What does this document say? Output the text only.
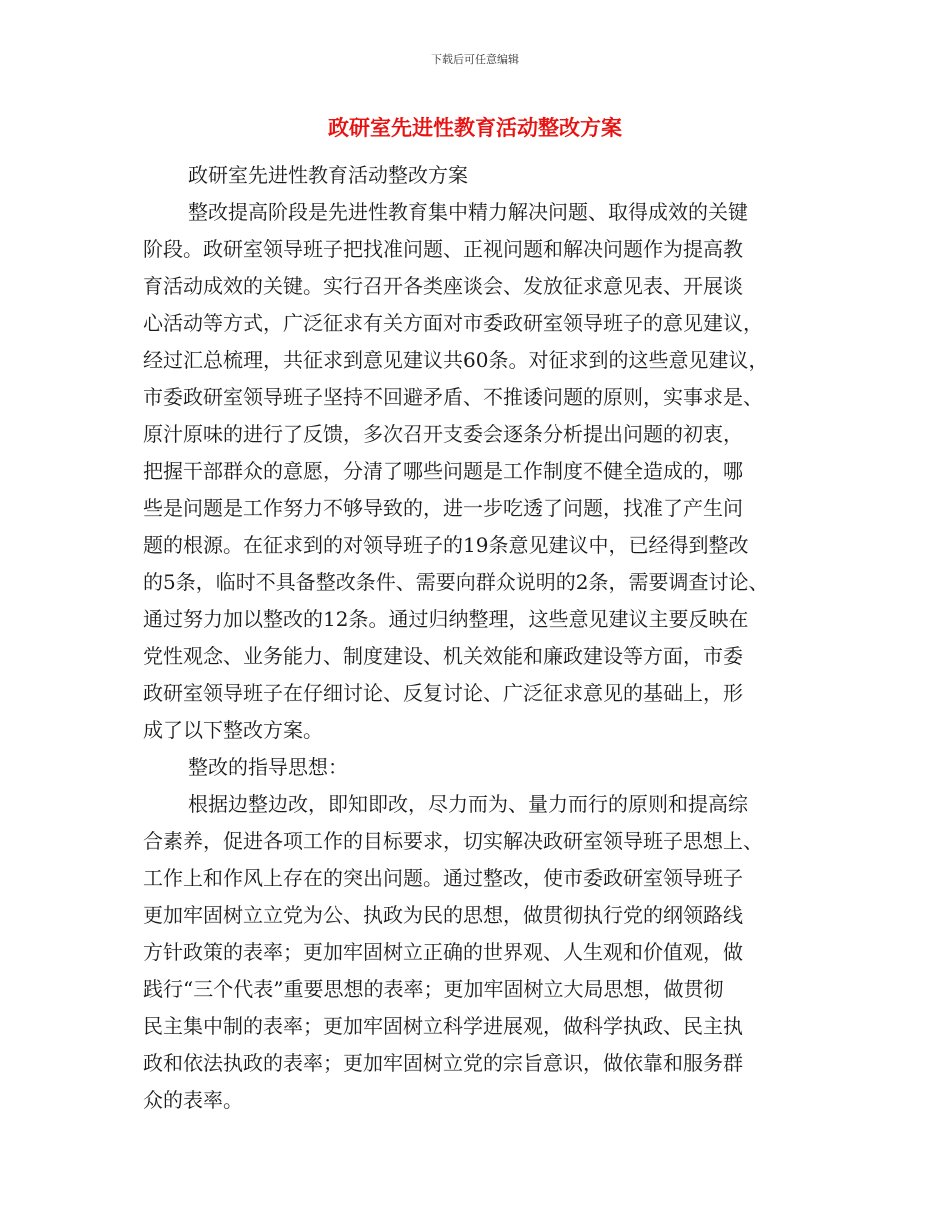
下载后可任意编辑
政研室先进性教育活动整改方案
政研室先进性教育活动整改方案
整改提高阶段是先进性教育集中精力解决问题、取得成效的关键
阶段。政研室领导班子把找准问题、正视问题和解决问题作为提高教
育活动成效的关键。实行召开各类座谈会、发放征求意见表、开展谈
心活动等方式，广泛征求有关方面对市委政研室领导班子的意见建议，
经过汇总梳理，共征求到意见建议共60条。对征求到的这些意见建议，
市委政研室领导班子坚持不回避矛盾、不推诿问题的原则，实事求是、
原汁原味的进行了反馈，多次召开支委会逐条分析提出问题的初衷，
把握干部群众的意愿，分清了哪些问题是工作制度不健全造成的，哪
些是问题是工作努力不够导致的，进一步吃透了问题，找准了产生问
题的根源。在征求到的对领导班子的19条意见建议中，已经得到整改
的5条，临时不具备整改条件、需要向群众说明的2条，需要调查讨论、
通过努力加以整改的12条。通过归纳整理，这些意见建议主要反映在
党性观念、业务能力、制度建设、机关效能和廉政建设等方面，市委
政研室领导班子在仔细讨论、反复讨论、广泛征求意见的基础上，形
成了以下整改方案。
整改的指导思想：
根据边整边改，即知即改，尽力而为、量力而行的原则和提高综
合素养，促进各项工作的目标要求，切实解决政研室领导班子思想上、
工作上和作风上存在的突出问题。通过整改，使市委政研室领导班子
更加牢固树立立党为公、执政为民的思想，做贯彻执行党的纲领路线
方针政策的表率；更加牢固树立正确的世界观、人生观和价值观，做
践行“三个代表”重要思想的表率；更加牢固树立大局思想，做贯彻
民主集中制的表率；更加牢固树立科学进展观，做科学执政、民主执
政和依法执政的表率；更加牢固树立党的宗旨意识，做依靠和服务群
众的表率。
